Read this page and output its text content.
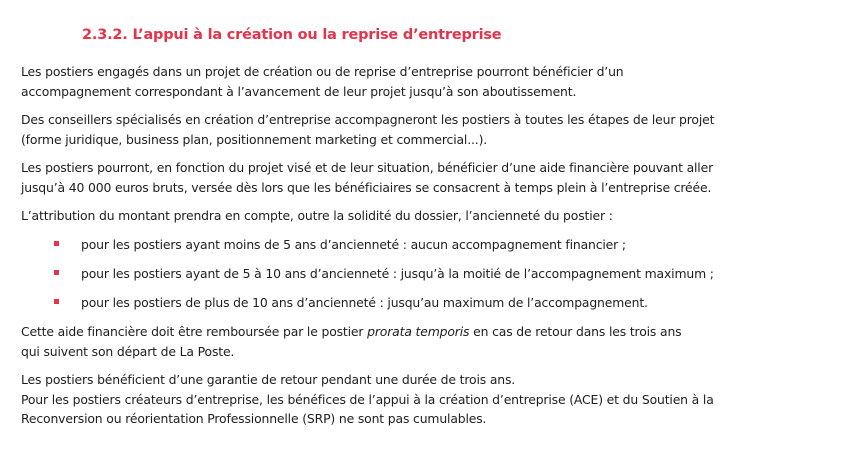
2.3.2. L’appui à la création ou la reprise d’entreprise

Les postiers engagés dans un projet de création ou de reprise d’entreprise pourront bénéficier d’un
accompagnement correspondant à l’avancement de leur projet jusqu’à son aboutissement.

Des conseillers spécialisés en création d’entreprise accompagneront les postiers à toutes les étapes de leur projet
(forme juridique, business plan, positionnement marketing et commercial...).

Les postiers pourront, en fonction du projet visé et de leur situation, bénéficier d’une aide financière pouvant aller
jusqu’à 40 000 euros bruts, versée dès lors que les bénéficiaires se consacrent à temps plein à l’entreprise créée.

L’attribution du montant prendra en compte, outre la solidité du dossier, l’ancienneté du postier :

pour les postiers ayant moins de 5 ans d’ancienneté : aucun accompagnement financier ;
pour les postiers ayant de 5 à 10 ans d’ancienneté : jusqu’à la moitié de l’accompagnement maximum ;
pour les postiers de plus de 10 ans d’ancienneté : jusqu’au maximum de l’accompagnement.

Cette aide financière doit être remboursée par le postier prorata temporis en cas de retour dans les trois ans
qui suivent son départ de La Poste.

Les postiers bénéficient d’une garantie de retour pendant une durée de trois ans.
Pour les postiers créateurs d’entreprise, les bénéfices de l’appui à la création d’entreprise (ACE) et du Soutien à la
Reconversion ou réorientation Professionnelle (SRP) ne sont pas cumulables.
